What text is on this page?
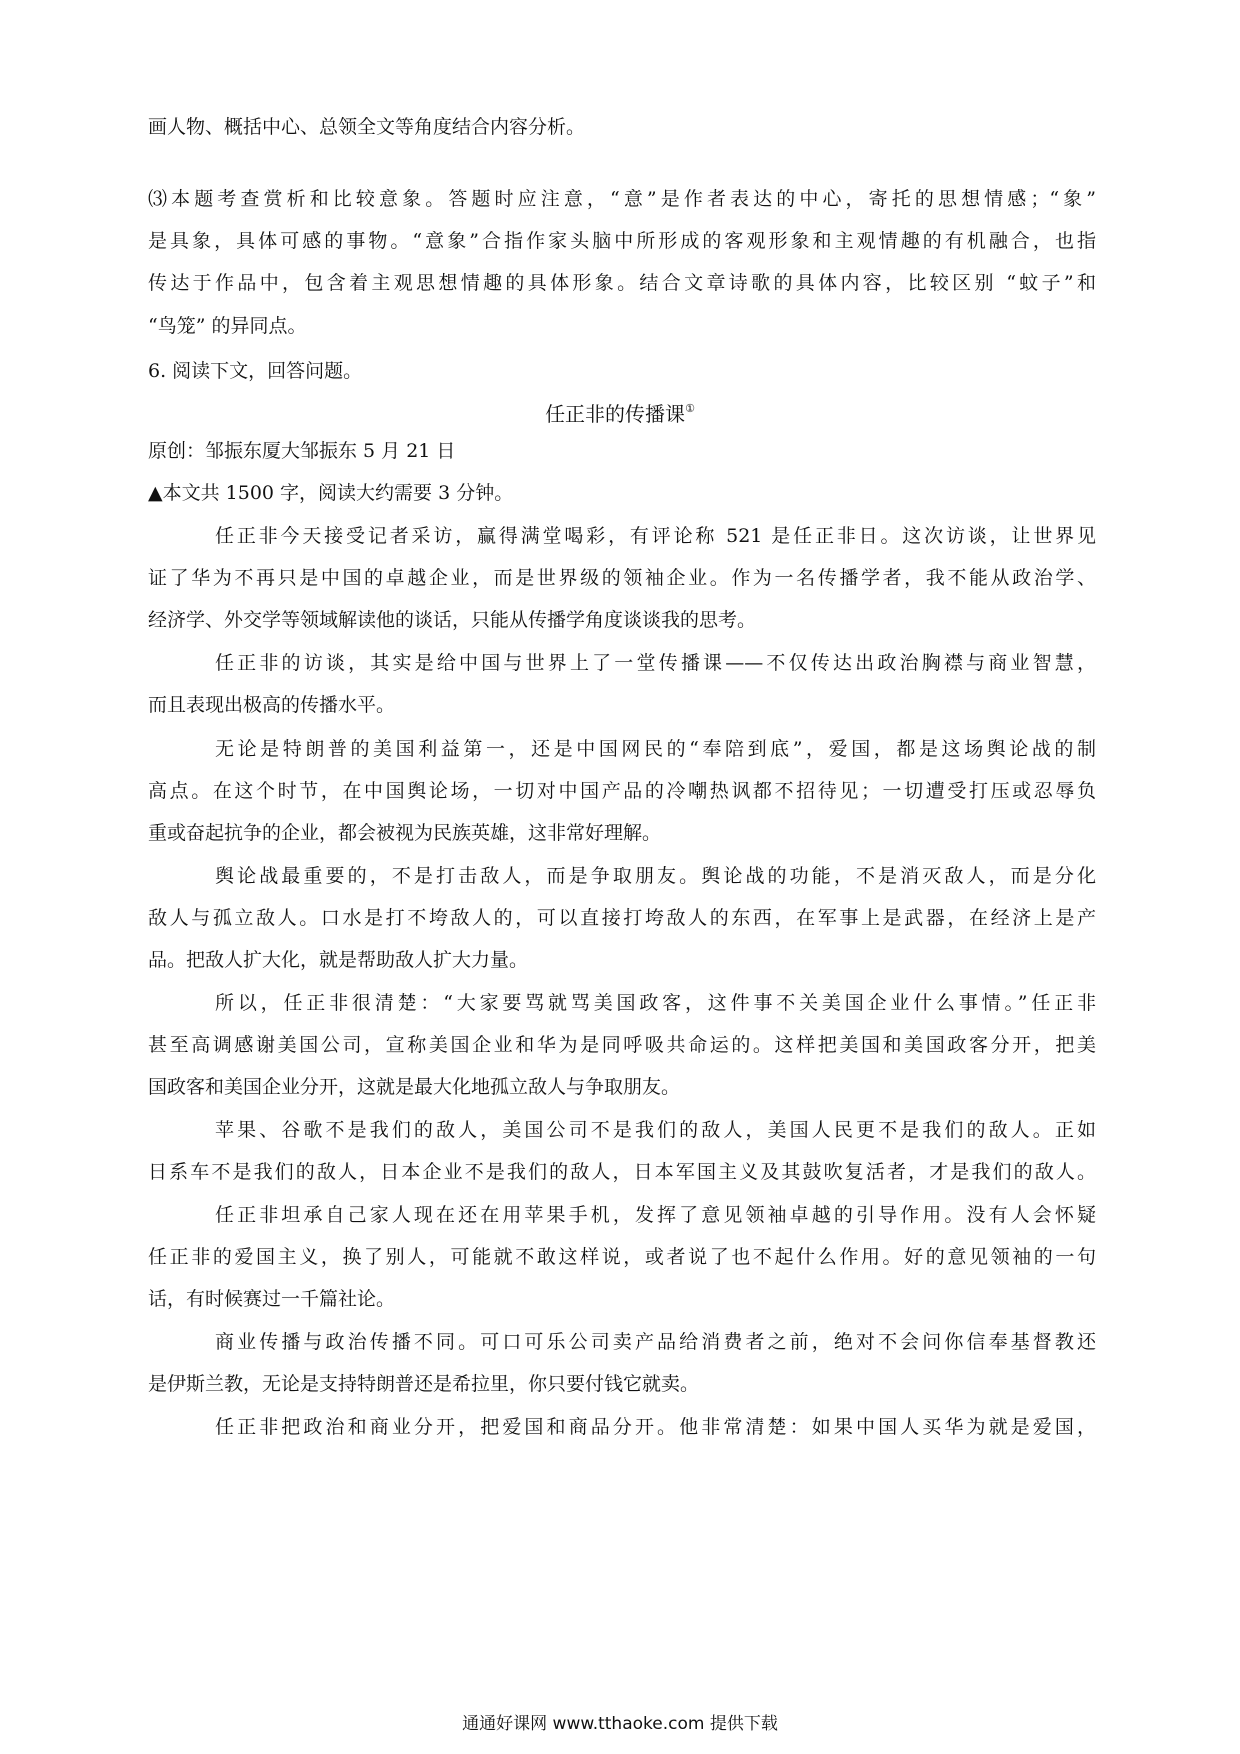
画人物、概括中心、总领全文等角度结合内容分析。
⑶本题考查赏析和比较意象。答题时应注意，“意”是作者表达的中心，寄托的思想情感；“象”
是具象，具体可感的事物。“意象”合指作家头脑中所形成的客观形象和主观情趣的有机融合，也指
传达于作品中，包含着主观思想情趣的具体形象。结合文章诗歌的具体内容，比较区别 “蚊子”和
“鸟笼” 的异同点。
6. 阅读下文，回答问题。
任正非的传播课①
原创：邹振东厦大邹振东 5 月 21 日
▲本文共 1500 字，阅读大约需要 3 分钟。
任正非今天接受记者采访，赢得满堂喝彩，有评论称 521 是任正非日。这次访谈，让世界见
证了华为不再只是中国的卓越企业，而是世界级的领袖企业。作为一名传播学者，我不能从政治学、
经济学、外交学等领域解读他的谈话，只能从传播学角度谈谈我的思考。
任正非的访谈，其实是给中国与世界上了一堂传播课——不仅传达出政治胸襟与商业智慧，
而且表现出极高的传播水平。
无论是特朗普的美国利益第一，还是中国网民的“奉陪到底”，爱国，都是这场舆论战的制
高点。在这个时节，在中国舆论场，一切对中国产品的冷嘲热讽都不招待见；一切遭受打压或忍辱负
重或奋起抗争的企业，都会被视为民族英雄，这非常好理解。
舆论战最重要的，不是打击敌人，而是争取朋友。舆论战的功能，不是消灭敌人，而是分化
敌人与孤立敌人。口水是打不垮敌人的，可以直接打垮敌人的东西，在军事上是武器，在经济上是产
品。把敌人扩大化，就是帮助敌人扩大力量。
所以，任正非很清楚：“大家要骂就骂美国政客，这件事不关美国企业什么事情。”任正非
甚至高调感谢美国公司，宣称美国企业和华为是同呼吸共命运的。这样把美国和美国政客分开，把美
国政客和美国企业分开，这就是最大化地孤立敌人与争取朋友。
苹果、谷歌不是我们的敌人，美国公司不是我们的敌人，美国人民更不是我们的敌人。正如
日系车不是我们的敌人，日本企业不是我们的敌人，日本军国主义及其鼓吹复活者，才是我们的敌人。
任正非坦承自己家人现在还在用苹果手机，发挥了意见领袖卓越的引导作用。没有人会怀疑
任正非的爱国主义，换了别人，可能就不敢这样说，或者说了也不起什么作用。好的意见领袖的一句
话，有时候赛过一千篇社论。
商业传播与政治传播不同。可口可乐公司卖产品给消费者之前，绝对不会问你信奉基督教还
是伊斯兰教，无论是支持特朗普还是希拉里，你只要付钱它就卖。
任正非把政治和商业分开，把爱国和商品分开。他非常清楚：如果中国人买华为就是爱国，
通通好课网 www.tthaoke.com 提供下载
